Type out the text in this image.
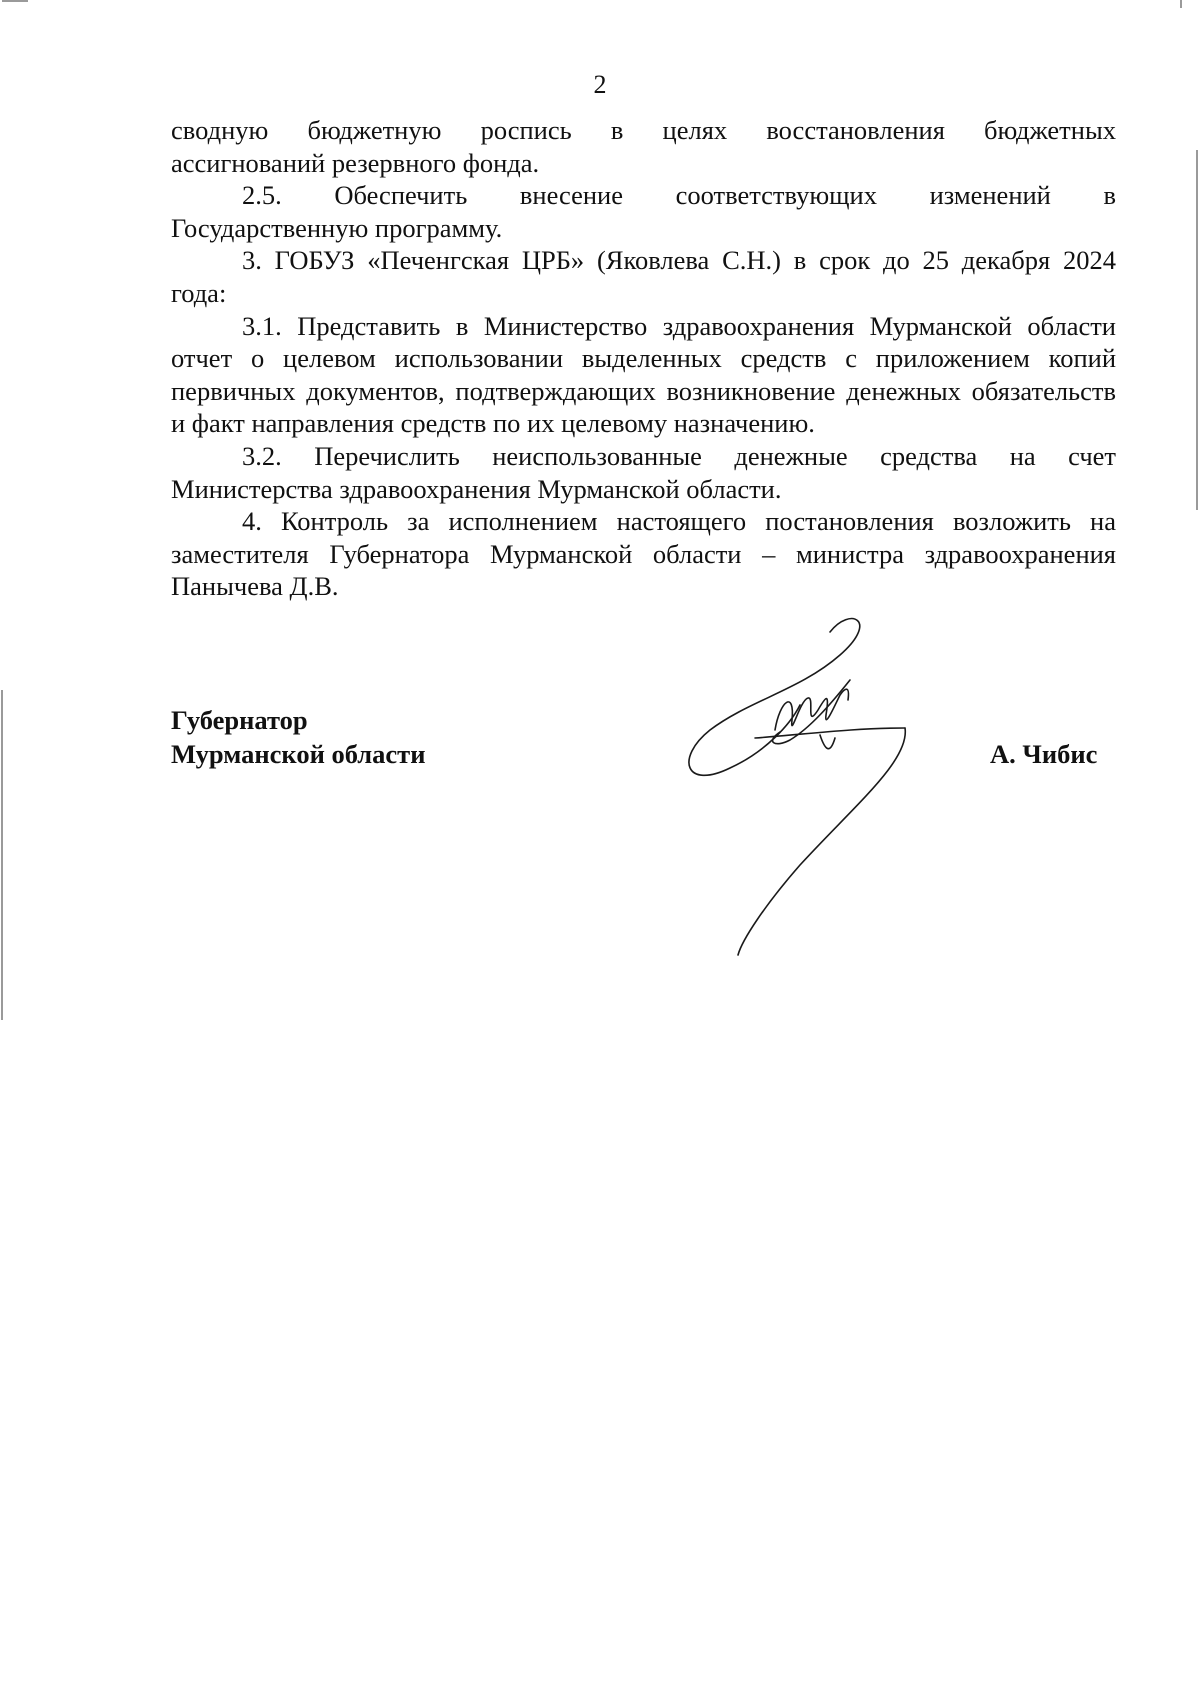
2

сводную бюджетную роспись в целях восстановления бюджетных

ассигнований резервного фонда.

2.5. Обеспечить внесение соответствующих изменений в

Государственную программу.

3. ГОБУЗ «Печенгская ЦРБ» (Яковлева С.Н.) в срок до 25 декабря 2024

года:

3.1. Представить в Министерство здравоохранения Мурманской области отчет о целевом использовании выделенных средств с приложением копий первичных документов, подтверждающих возникновение денежных обязательств и факт направления средств по их целевому назначению.

3.2. Перечислить неиспользованные денежные средства на счет Министерства здравоохранения Мурманской области.

4. Контроль за исполнением настоящего постановления возложить на заместителя Губернатора Мурманской области – министра здравоохранения Панычева Д.В.

Губернатор
Мурманской области	А. Чибис
